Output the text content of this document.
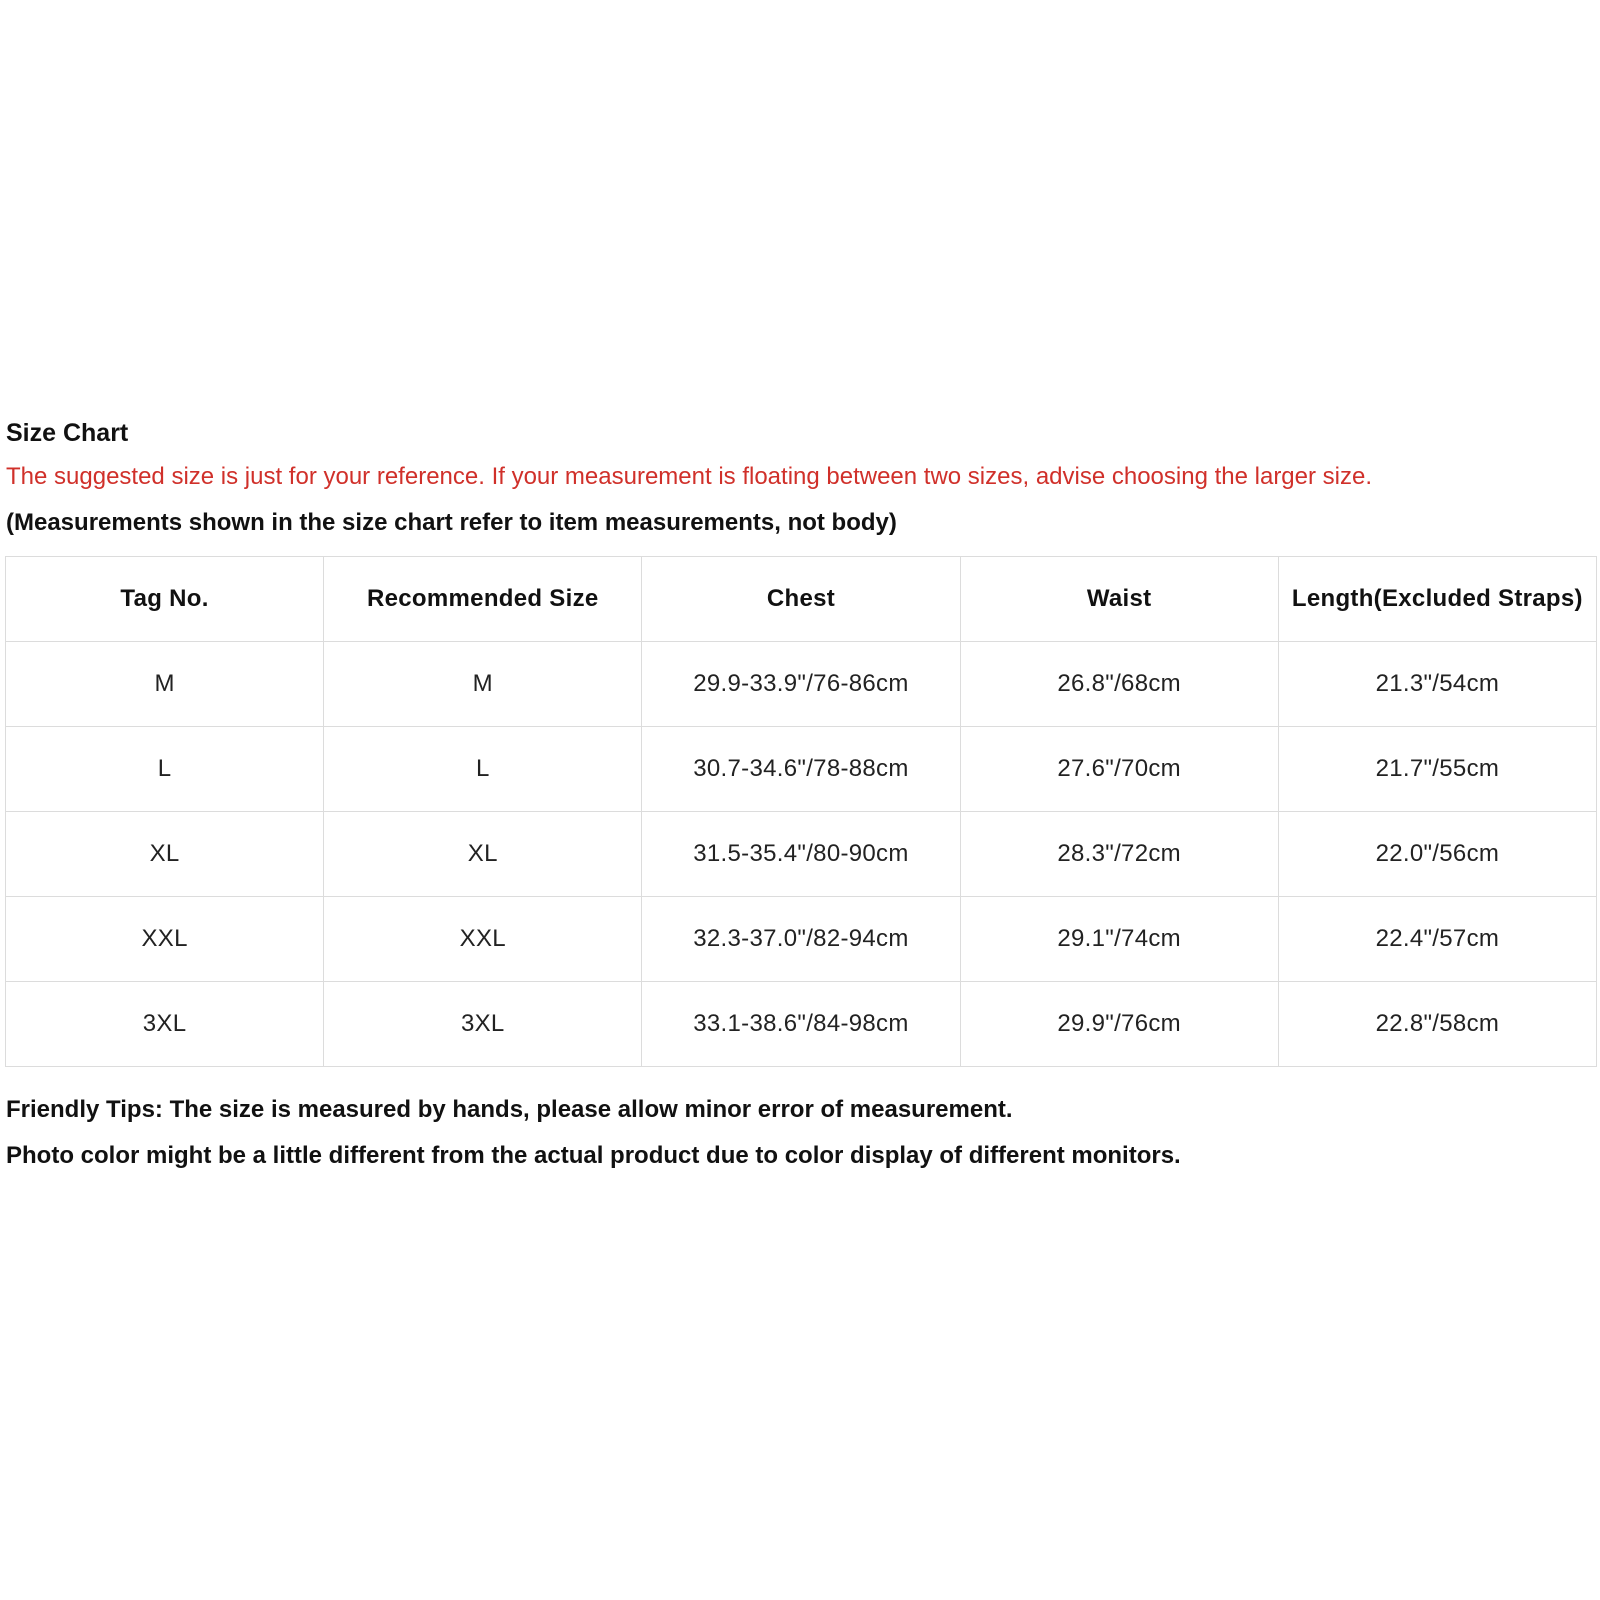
Size Chart
The suggested size is just for your reference. If your measurement is floating between two sizes, advise choosing the larger size.
(Measurements shown in the size chart refer to item measurements, not body)
Tag No.	Recommended Size	Chest	Waist	Length(Excluded Straps)
M	M	29.9-33.9"/76-86cm	26.8"/68cm	21.3"/54cm
L	L	30.7-34.6"/78-88cm	27.6"/70cm	21.7"/55cm
XL	XL	31.5-35.4"/80-90cm	28.3"/72cm	22.0"/56cm
XXL	XXL	32.3-37.0"/82-94cm	29.1"/74cm	22.4"/57cm
3XL	3XL	33.1-38.6"/84-98cm	29.9"/76cm	22.8"/58cm
Friendly Tips: The size is measured by hands, please allow minor error of measurement.
Photo color might be a little different from the actual product due to color display of different monitors.
